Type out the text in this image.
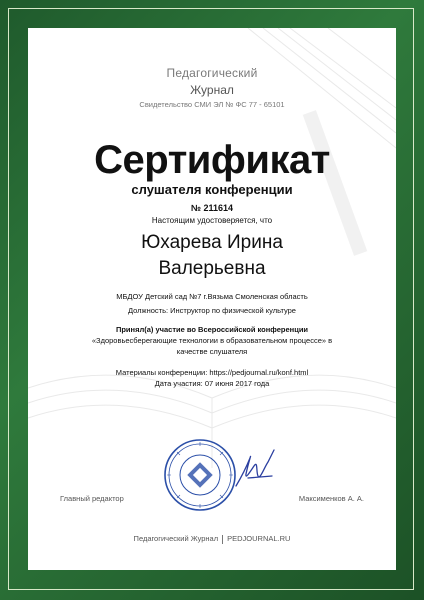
Педагогический
Журнал
Свидетельство СМИ ЭЛ № ФС 77 - 65101
Сертификат
слушателя конференции
№ 211614
Настоящим удостоверяется, что
Юхарева Ирина
Валерьевна
МБДОУ Детский сад №7 г.Вязьма Смоленская область
Должность: Инструктор по физической культуре
Принял(а) участие во Всероссийской конференции
«Здоровьесберегающие технологии в образовательном процессе» в
качестве слушателя
Материалы конференции: https://pedjournal.ru/konf.html
Дата участия: 07 июня 2017 года
Главный редактор	Максименков А. А.
Педагогический Журнал PEDJOURNAL.RU
